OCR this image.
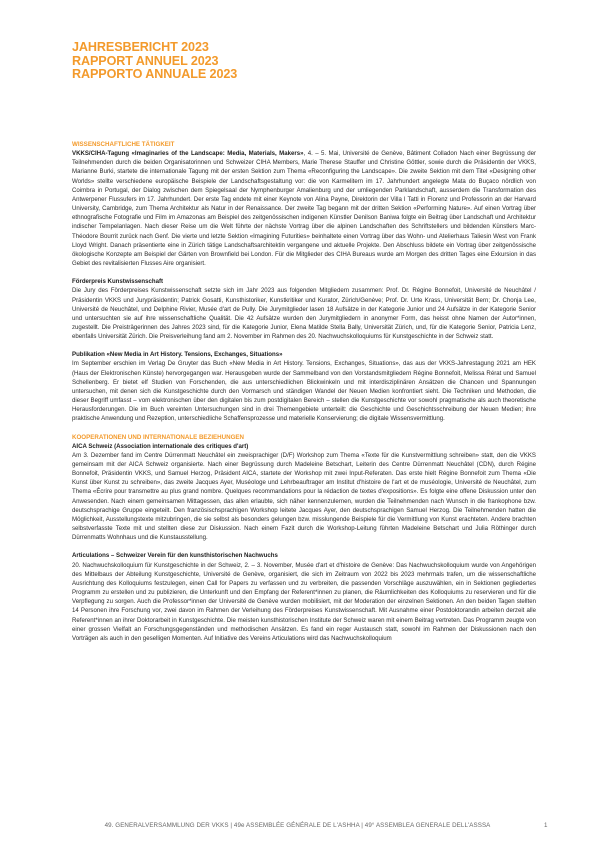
JAHRESBERICHT 2023
RAPPORT ANNUEL 2023
RAPPORTO ANNUALE 2023
WISSENSCHAFTLICHE TÄTIGKEIT

VKKS/CIHA-Tagung «Imaginaries of the Landscape: Media, Materials, Makers», 4. – 5. Mai, Université de Genève, Bâtiment Colladon Nach einer Begrüssung der Teilnehmenden durch die beiden Organisatorinnen und Schweizer CIHA Members, Marie Therese Stauffer und Christine Göttler, sowie durch die Präsidentin der VKKS, Marianne Burki, startete die internationale Tagung mit der ersten Sektion zum Thema «Reconfiguring the Landscape». Die zweite Sektion mit dem Titel «Designing other Worlds» stellte verschiedene europäische Beispiele der Landschaftsgestaltung vor: die von Karmelitern im 17. Jahrhundert angelegte Mata do Buçaco nördlich von Coimbra in Portugal, der Dialog zwischen dem Spiegelsaal der Nymphenburger Amalienburg und der umliegenden Parklandschaft, ausserdem die Transformation des Antwerpener Flussufers im 17. Jahrhundert. Der erste Tag endete mit einer Keynote von Alina Payne, Direktorin der Villa I Tatti in Florenz und Professorin an der Harvard University, Cambridge, zum Thema Architektur als Natur in der Renaissance. Der zweite Tag begann mit der dritten Sektion «Performing Nature». Auf einen Vortrag über ethnografische Fotografie und Film im Amazonas am Beispiel des zeitgenössischen indigenen Künstler Denilson Baniwa folgte ein Beitrag über Landschaft und Architektur indischer Tempelanlagen. Nach dieser Reise um die Welt führte der nächste Vortrag über die alpinen Landschaften des Schriftstellers und bildenden Künstlers Marc-Théodore Bourrit zurück nach Genf. Die vierte und letzte Sektion «Imagining Futurities» beinhaltete einen Vortrag über das Wohn- und Atelierhaus Taliesin West von Frank Lloyd Wright. Danach präsentierte eine in Zürich tätige Landschaftsarchitektin vergangene und aktuelle Projekte. Den Abschluss bildete ein Vortrag über zeitgenössische ökologische Konzepte am Beispiel der Gärten von Brownfield bei London. Für die Mitglieder des CIHA Bureaus wurde am Morgen des dritten Tages eine Exkursion in das Gebiet des revitalisierten Flusses Aire organisiert.

Förderpreis Kunstwissenschaft

Die Jury des Förderpreises Kunstwissenschaft setzte sich im Jahr 2023 aus folgenden Mitgliedern zusammen: Prof. Dr. Régine Bonnefoit, Université de Neuchâtel / Präsidentin VKKS und Jurypräsidentin; Patrick Gosatti, Kunsthistoriker, Kunstkritiker und Kurator, Zürich/Genève; Prof. Dr. Urte Krass, Universität Bern; Dr. Chonja Lee, Université de Neuchâtel, und Delphine Rivier, Musée d'art de Pully. Die Jurymitglieder lasen 18 Aufsätze in der Kategorie Junior und 24 Aufsätze in der Kategorie Senior und untersuchten sie auf ihre wissenschaftliche Qualität. Die 42 Aufsätze wurden den Jurymitgliedern in anonymer Form, das heisst ohne Namen der Autor*innen, zugestellt. Die Preisträgerinnen des Jahres 2023 sind, für die Kategorie Junior, Elena Matilde Stella Bally, Universität Zürich, und, für die Kategorie Senior, Patricia Lenz, ebenfalls Universität Zürich. Die Preisverleihung fand am 2. November im Rahmen des 20. Nachwuchskolloquiums für Kunstgeschichte in der Schweiz statt.

Publikation «New Media in Art History. Tensions, Exchanges, Situations»

Im September erschien im Verlag De Gruyter das Buch «New Media in Art History. Tensions, Exchanges, Situations», das aus der VKKS-Jahrestagung 2021 am HEK (Haus der Elektronischen Künste) hervorgegangen war. Herausgeben wurde der Sammelband von den Vorstandsmitgliedern Régine Bonnefoit, Melissa Rérat und Samuel Schellenberg. Er bietet elf Studien von Forschenden, die aus unterschiedlichen Blickwinkeln und mit interdisziplinären Ansätzen die Chancen und Spannungen untersuchen, mit denen sich die Kunstgeschichte durch den Vormarsch und ständigen Wandel der Neuen Medien konfrontiert sieht. Die Techniken und Methoden, die dieser Begriff umfasst – vom elektronischen über den digitalen bis zum postdigitalen Bereich – stellen die Kunstgeschichte vor sowohl pragmatische als auch theoretische Herausforderungen. Die im Buch vereinten Untersuchungen sind in drei Themengebiete unterteilt: die Geschichte und Geschichtsschreibung der Neuen Medien; ihre praktische Anwendung und Rezeption, unterschiedliche Schaffensprozesse und materielle Konservierung; die digitale Wissensvermittlung.

KOOPERATIONEN UND INTERNATIONALE BEZIEHUNGEN
AICA Schweiz (Association internationale des critiques d'art)

Am 3. Dezember fand im Centre Dürrenmatt Neuchâtel ein zweisprachiger (D/F) Workshop zum Thema «Texte für die Kunstvermittlung schreiben» statt, den die VKKS gemeinsam mit der AICA Schweiz organisierte. Nach einer Begrüssung durch Madeleine Betschart, Leiterin des Centre Dürrenmatt Neuchâtel (CDN), durch Régine Bonnefoit, Präsidentin VKKS, und Samuel Herzog, Präsident AICA, startete der Workshop mit zwei Input-Referaten. Das erste hielt Régine Bonnefoit zum Thema «Die Kunst über Kunst zu schreiben», das zweite Jacques Ayer, Muséologe und Lehrbeauftrager am Institut d'histoire de l'art et de muséologie, Université de Neuchâtel, zum Thema «Écrire pour transmettre au plus grand nombre. Quelques recommandations pour la rédaction de textes d'expositions». Es folgte eine offene Diskussion unter den Anwesenden. Nach einem gemeinsamen Mittagessen, das allen erlaubte, sich näher kennenzulernen, wurden die Teilnehmenden nach Wunsch in die frankophone bzw. deutschsprachige Gruppe eingeteilt. Den französischsprachigen Workshop leitete Jacques Ayer, den deutschsprachigen Samuel Herzog. Die Teilnehmenden hatten die Möglichkeit, Ausstellungstexte mitzubringen, die sie selbst als besonders gelungen bzw. misslungende Beispiele für die Vermittlung von Kunst erachteten. Andere brachten selbstverfasste Texte mit und stellten diese zur Diskussion. Nach einem Fazit durch die Workshop-Leitung führten Madeleine Betschart und Julia Röthinger durch Dürrenmatts Wohnhaus und die Kunstausstellung.

Articulations – Schweizer Verein für den kunsthistorischen Nachwuchs

20. Nachwuchskolloquium für Kunstgeschichte in der Schweiz, 2. – 3. November, Musée d'art et d'histoire de Genève: Das Nachwuchskolloquium wurde von Angehörigen des Mittelbaus der Abteilung Kunstgeschichte, Université de Genève, organisiert, die sich im Zeitraum von 2022 bis 2023 mehrmals trafen, um die wissenschaftliche Ausrichtung des Kolloquiums festzulegen, einen Call for Papers zu verfassen und zu verbreiten, die passenden Vorschläge auszuwählen, ein in Sektionen gegliedertes Programm zu erstellen und zu publizieren, die Unterkunft und den Empfang der Referent*innen zu planen, die Räumlichkeiten des Kolloquiums zu reservieren und für die Verpflegung zu sorgen. Auch die Professor*innen der Université de Genève wurden mobilisiert, mit der Moderation der einzelnen Sektionen. An den beiden Tagen stellten 14 Personen ihre Forschung vor, zwei davon im Rahmen der Verleihung des Förderpreises Kunstwissenschaft. Mit Ausnahme einer Postdoktorandin arbeiten derzeit alle Referent*innen an ihrer Doktorarbeit in Kunstgeschichte. Die meisten kunsthistorischen Institute der Schweiz waren mit einem Beitrag vertreten. Das Programm zeugte von einer grossen Vielfalt an Forschungsgegenständen und methodischen Ansätzen. Es fand ein reger Austausch statt, sowohl im Rahmen der Diskussionen nach den Vorträgen als auch in den geselligen Momenten. Auf Initiative des Vereins Articulations wird das Nachwuchskolloquium

49. GENERALVERSAMMLUNG DER VKKS | 49e ASSEMBLÉE GÉNÉRALE DE L'ASHHA | 49° ASSEMBLEA GENERALE DELL'ASSSA	1
